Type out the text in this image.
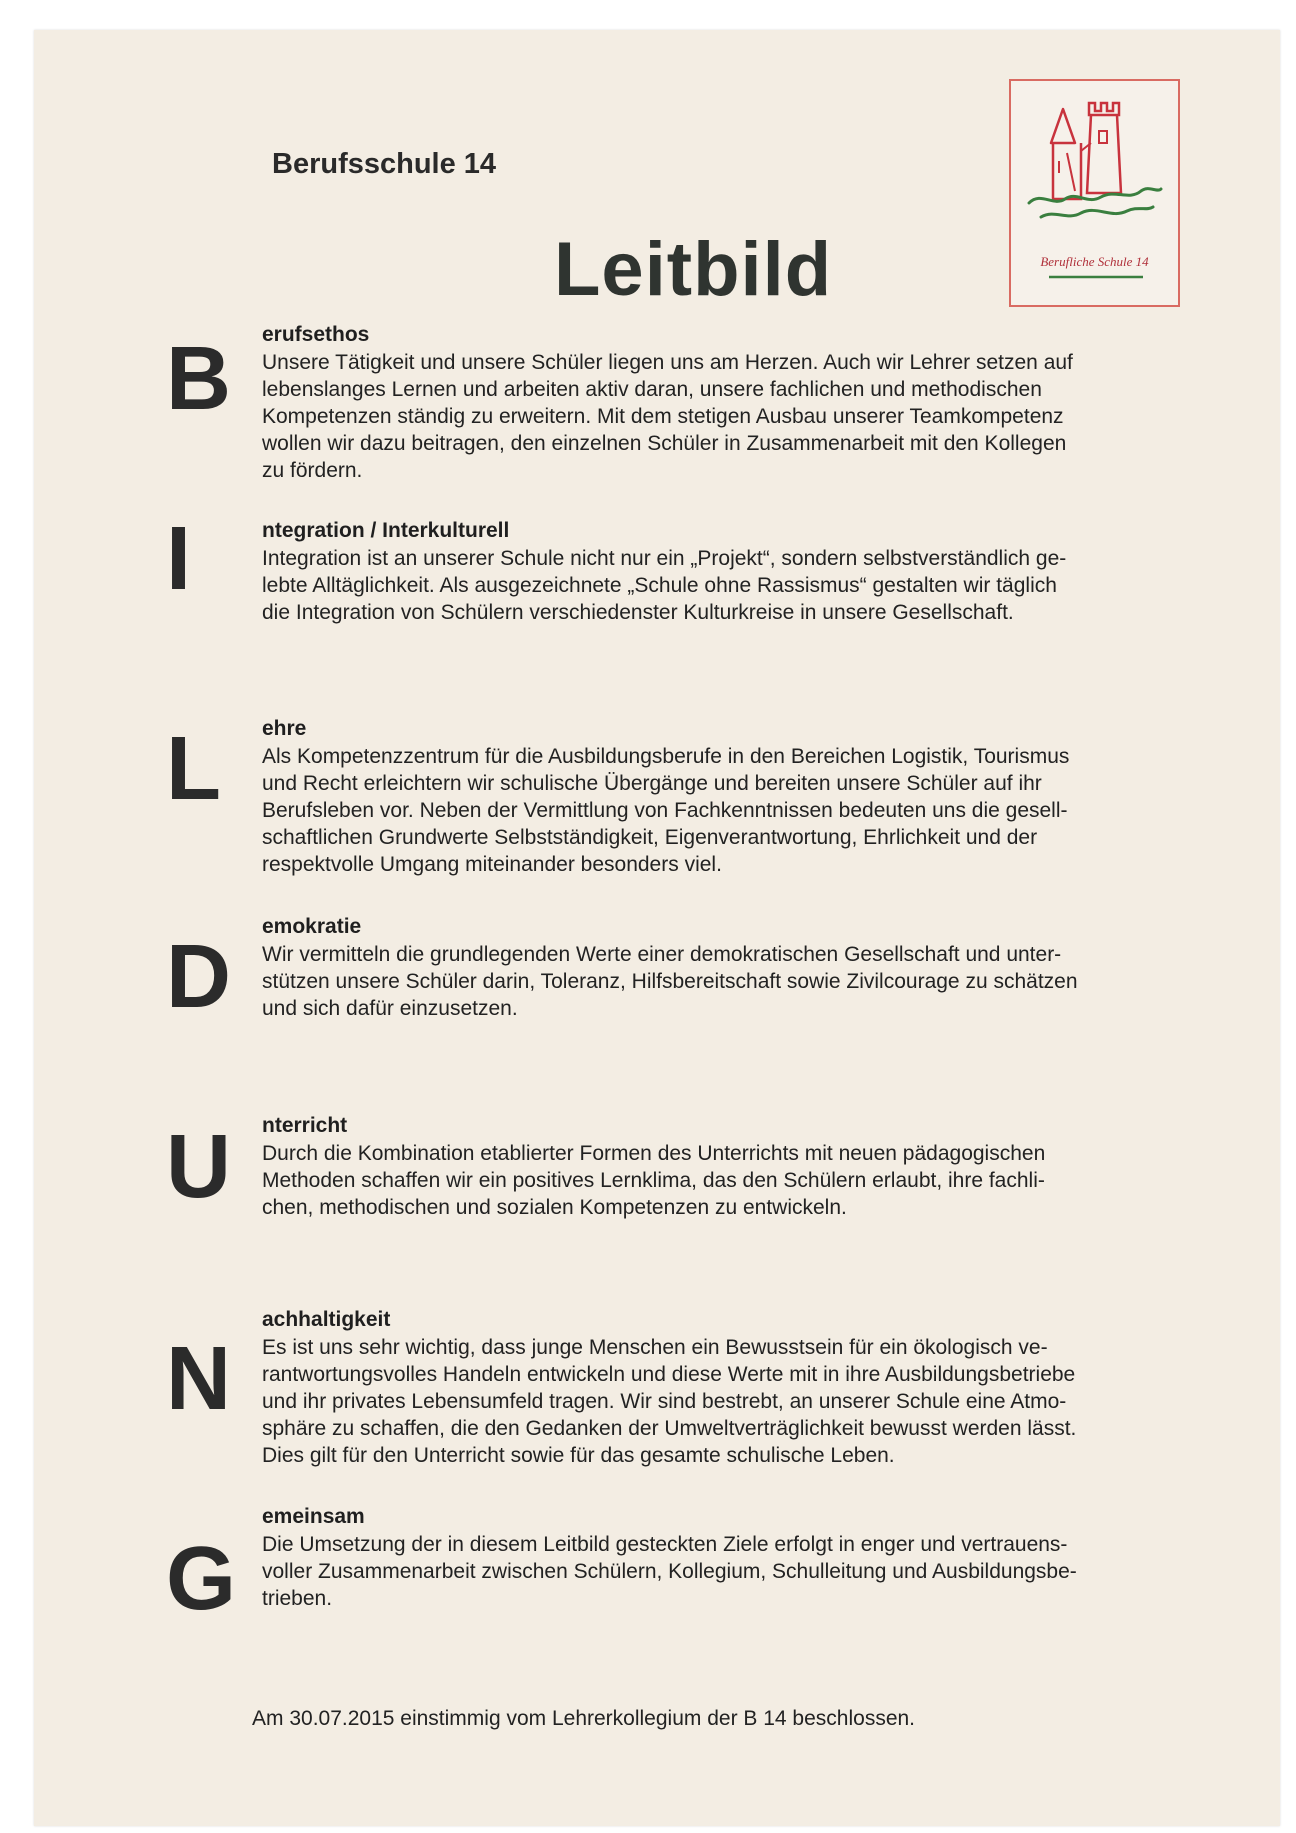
Berufsschule 14
Leitbild	Berufliche Schule 14
B	erufsethos

Unsere Tätigkeit und unsere Schüler liegen uns am Herzen. Auch wir Lehrer setzen auf
lebenslanges Lernen und arbeiten aktiv daran, unsere fachlichen und methodischen
Kompetenzen ständig zu erweitern. Mit dem stetigen Ausbau unserer Teamkompetenz
wollen wir dazu beitragen, den einzelnen Schüler in Zusammenarbeit mit den Kollegen
zu fördern.

I	ntegration / Interkulturell

Integration ist an unserer Schule nicht nur ein „Projekt“, sondern selbstverständlich ge-
lebte Alltäglichkeit. Als ausgezeichnete „Schule ohne Rassismus“ gestalten wir täglich
die Integration von Schülern verschiedenster Kulturkreise in unsere Gesellschaft.

L	ehre

Als Kompetenzzentrum für die Ausbildungsberufe in den Bereichen Logistik, Tourismus
und Recht erleichtern wir schulische Übergänge und bereiten unsere Schüler auf ihr
Berufsleben vor. Neben der Vermittlung von Fachkenntnissen bedeuten uns die gesell-
schaftlichen Grundwerte Selbstständigkeit, Eigenverantwortung, Ehrlichkeit und der
respektvolle Umgang miteinander besonders viel.

D

emokratie

Wir vermitteln die grundlegenden Werte einer demokratischen Gesellschaft und unter-
stützen unsere Schüler darin, Toleranz, Hilfsbereitschaft sowie Zivilcourage zu schätzen
und sich dafür einzusetzen.

U	nterricht

Durch die Kombination etablierter Formen des Unterrichts mit neuen pädagogischen
Methoden schaffen wir ein positives Lernklima, das den Schülern erlaubt, ihre fachli-
chen, methodischen und sozialen Kompetenzen zu entwickeln.

N

achhaltigkeit

Es ist uns sehr wichtig, dass junge Menschen ein Bewusstsein für ein ökologisch ve-
rantwortungsvolles Handeln entwickeln und diese Werte mit in ihre Ausbildungsbetriebe
und ihr privates Lebensumfeld tragen. Wir sind bestrebt, an unserer Schule eine Atmo-
sphäre zu schaffen, die den Gedanken der Umweltverträglichkeit bewusst werden lässt.
Dies gilt für den Unterricht sowie für das gesamte schulische Leben.

G

emeinsam

Die Umsetzung der in diesem Leitbild gesteckten Ziele erfolgt in enger und vertrauens-
voller Zusammenarbeit zwischen Schülern, Kollegium, Schulleitung und Ausbildungsbe-
trieben.

Am 30.07.2015 einstimmig vom Lehrerkollegium der B 14 beschlossen.
